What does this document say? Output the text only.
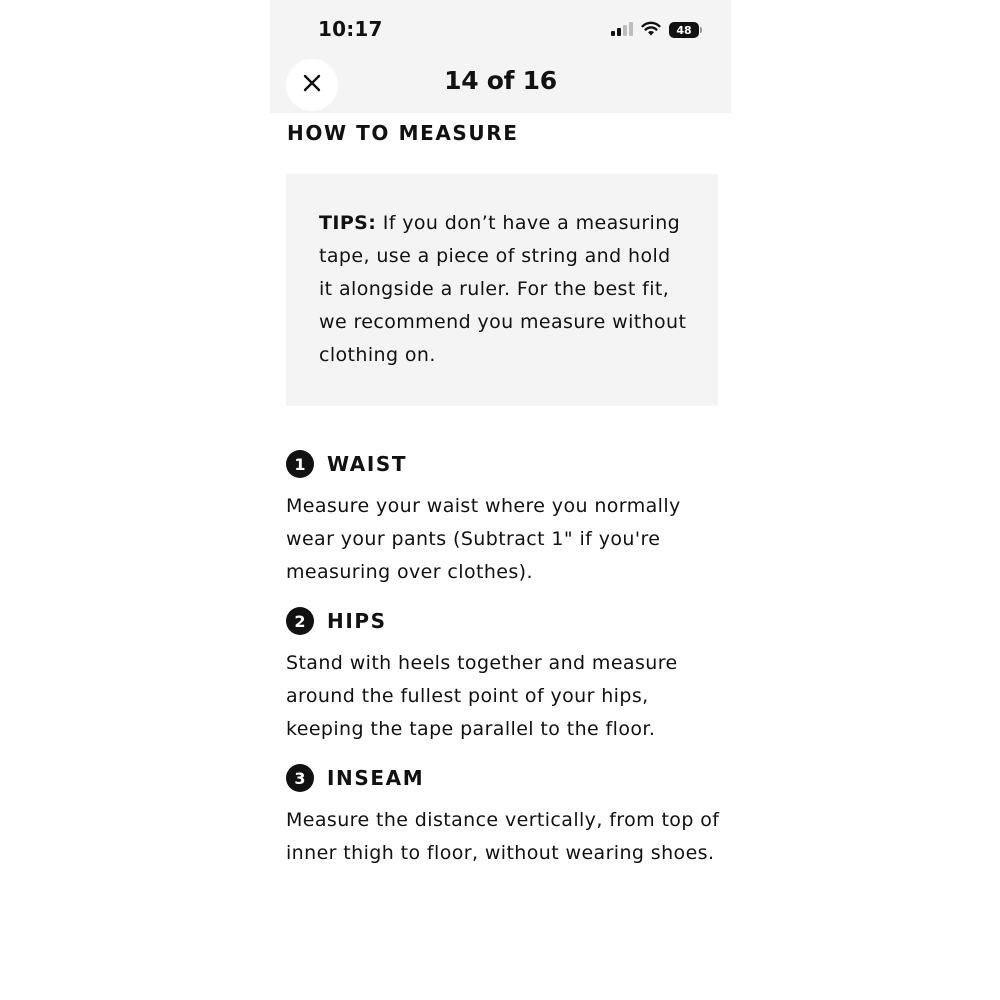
10:17	48
14 of 16
HOW TO MEASURE
TIPS: If you don’t have a measuring tape, use a piece of string and hold it alongside a ruler. For the best fit, we recommend you measure without clothing on.
1	WAIST
Measure your waist where you normally wear your pants (Subtract 1" if you're measuring over clothes).
2	HIPS
Stand with heels together and measure around the fullest point of your hips, keeping the tape parallel to the floor.
3	INSEAM
Measure the distance vertically, from top of inner thigh to floor, without wearing shoes.
